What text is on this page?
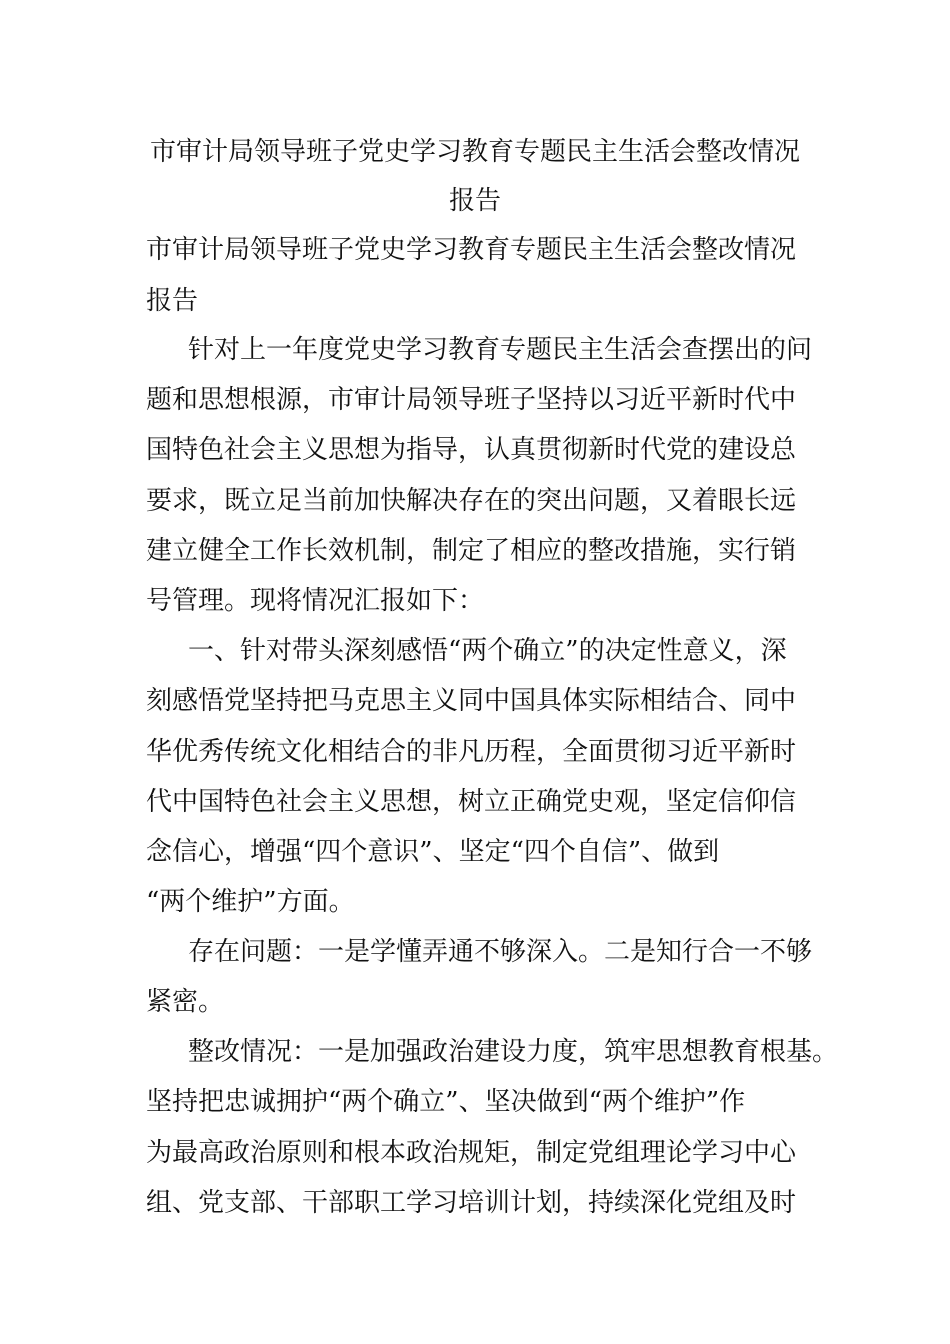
市审计局领导班子党史学习教育专题民主生活会整改情况
报告
市审计局领导班子党史学习教育专题民主生活会整改情况
报告
针对上一年度党史学习教育专题民主生活会查摆出的问
题和思想根源，市审计局领导班子坚持以习近平新时代中
国特色社会主义思想为指导，认真贯彻新时代党的建设总
要求，既立足当前加快解决存在的突出问题，又着眼长远
建立健全工作长效机制，制定了相应的整改措施，实行销
号管理。现将情况汇报如下：
一、针对带头深刻感悟“两个确立”的决定性意义，深
刻感悟党坚持把马克思主义同中国具体实际相结合、同中
华优秀传统文化相结合的非凡历程，全面贯彻习近平新时
代中国特色社会主义思想，树立正确党史观，坚定信仰信
念信心，增强“四个意识”、坚定“四个自信”、做到
“两个维护”方面。
存在问题：一是学懂弄通不够深入。二是知行合一不够
紧密。
整改情况：一是加强政治建设力度，筑牢思想教育根基。
坚持把忠诚拥护“两个确立”、坚决做到“两个维护”作
为最高政治原则和根本政治规矩，制定党组理论学习中心
组、党支部、干部职工学习培训计划，持续深化党组及时
